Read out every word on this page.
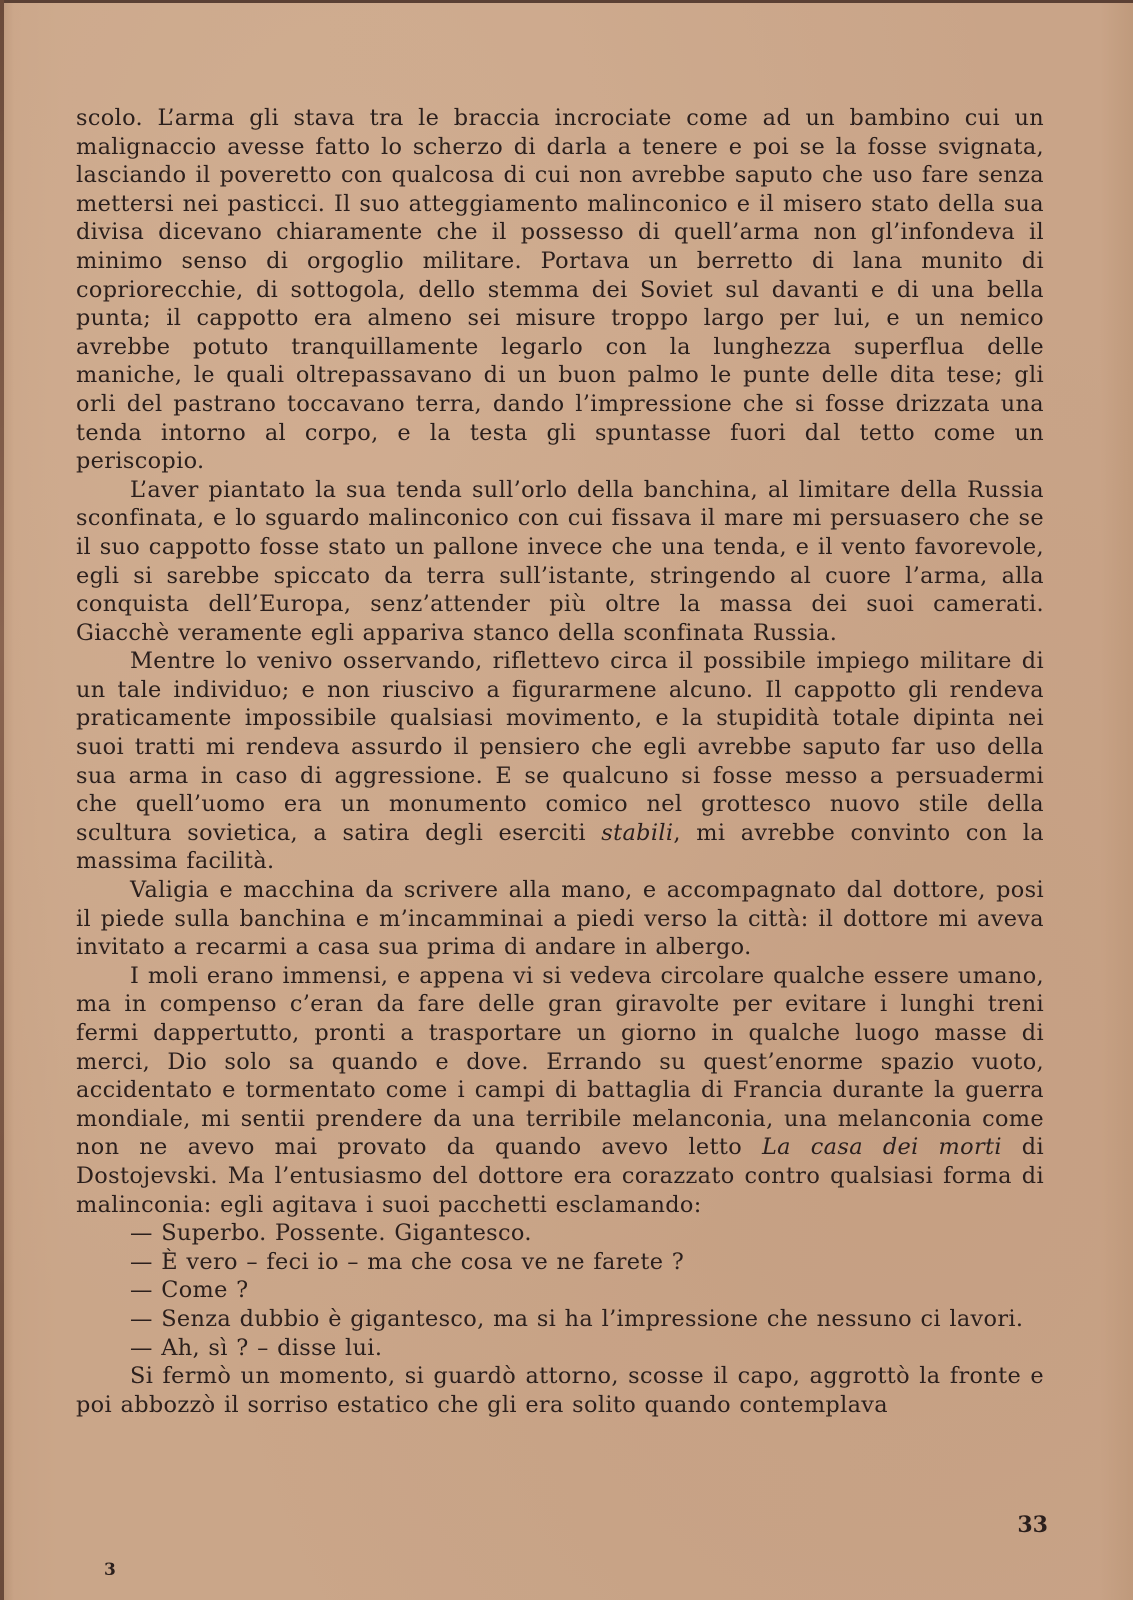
scolo. L’arma gli stava tra le braccia incrociate come ad un bambino cui un malignaccio avesse fatto lo scherzo di darla a tenere e poi se la fosse svignata, lasciando il poveretto con qualcosa di cui non avrebbe saputo che uso fare senza mettersi nei pasticci. Il suo atteggiamento malinconico e il misero stato della sua divisa dicevano chiaramente che il possesso di quell’arma non gl’infondeva il minimo senso di orgoglio militare. Portava un berretto di lana munito di copriorecchie, di sottogola, dello stemma dei Soviet sul davanti e di una bella punta; il cappotto era almeno sei misure troppo largo per lui, e un nemico avrebbe potuto tranquillamente legarlo con la lunghezza superflua delle maniche, le quali oltrepassavano di un buon palmo le punte delle dita tese; gli orli del pastrano toccavano terra, dando l’impressione che si fosse drizzata una tenda intorno al corpo, e la testa gli spuntasse fuori dal tetto come un periscopio.

L’aver piantato la sua tenda sull’orlo della banchina, al limitare della Russia sconfinata, e lo sguardo malinconico con cui fissava il mare mi persuasero che se il suo cappotto fosse stato un pallone invece che una tenda, e il vento favorevole, egli si sarebbe spiccato da terra sull’istante, stringendo al cuore l’arma, alla conquista dell’Europa, senz’attender più oltre la massa dei suoi camerati. Giacchè veramente egli appariva stanco della sconfinata Russia.

Mentre lo venivo osservando, riflettevo circa il possibile impiego militare di un tale individuo; e non riuscivo a figurarmene alcuno. Il cappotto gli rendeva praticamente impossibile qualsiasi movimento, e la stupidità totale dipinta nei suoi tratti mi rendeva assurdo il pensiero che egli avrebbe saputo far uso della sua arma in caso di aggressione. E se qualcuno si fosse messo a persuadermi che quell’uomo era un monumento comico nel grottesco nuovo stile della scultura sovietica, a satira degli eserciti stabili, mi avrebbe convinto con la massima facilità.

Valigia e macchina da scrivere alla mano, e accompagnato dal dottore, posi il piede sulla banchina e m’incamminai a piedi verso la città: il dottore mi aveva invitato a recarmi a casa sua prima di andare in albergo.

I moli erano immensi, e appena vi si vedeva circolare qualche essere umano, ma in compenso c’eran da fare delle gran giravolte per evitare i lunghi treni fermi dappertutto, pronti a trasportare un giorno in qualche luogo masse di merci, Dio solo sa quando e dove. Errando su quest’enorme spazio vuoto, accidentato e tormentato come i campi di battaglia di Francia durante la guerra mondiale, mi sentii prendere da una terribile melanconia, una melanconia come non ne avevo mai provato da quando avevo letto La casa dei morti di Dostojevski. Ma l’entusiasmo del dottore era corazzato contro qualsiasi forma di malinconia: egli agitava i suoi pacchetti esclamando:

— Superbo. Possente. Gigantesco.

— È vero – feci io – ma che cosa ve ne farete ?

— Come ?

— Senza dubbio è gigantesco, ma si ha l’impressione che nessuno ci lavori.

— Ah, sì ? – disse lui.

Si fermò un momento, si guardò attorno, scosse il capo, aggrottò la fronte e poi abbozzò il sorriso estatico che gli era solito quando contemplava

33
3
